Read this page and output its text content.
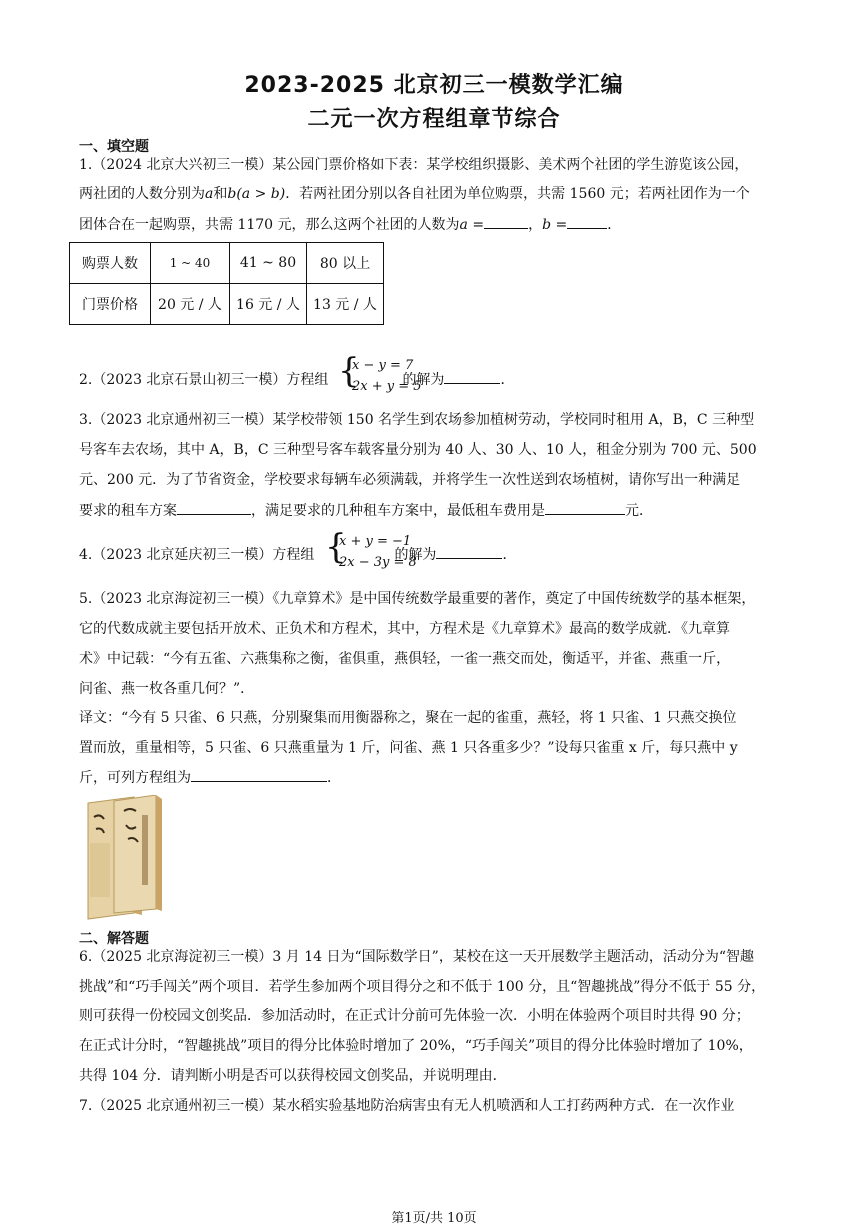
2023-2025 北京初三一模数学汇编
二元一次方程组章节综合
一、填空题
1.（2024 北京大兴初三一模）某公园门票价格如下表：某学校组织摄影、美术两个社团的学生游览该公园，
两社团的人数分别为a和b(a > b)．若两社团分别以各自社团为单位购票，共需 1560 元；若两社团作为一个
团体合在一起购票，共需 1170 元，那么这两个社团的人数为a =	，b =	．
购票人数	1 ~ 40	41 ~ 80	80 以上
门票价格	20 元 / 人	16 元 / 人	13 元 / 人
2.（2023 北京石景山初三一模）方程组	的解为	．
{
x − y = 7
2x + y = 5
3.（2023 北京通州初三一模）某学校带领 150 名学生到农场参加植树劳动，学校同时租用 A，B，C 三种型
号客车去农场，其中 A，B，C 三种型号客车载客量分别为 40 人、30 人、10 人，租金分别为 700 元、500
元、200 元．为了节省资金，学校要求每辆车必须满载，并将学生一次性送到农场植树，请你写出一种满足
要求的租车方案	，满足要求的几种租车方案中，最低租车费用是	元．
4.（2023 北京延庆初三一模）方程组	的解为	．
{
x + y = −1
2x − 3y = 8
5.（2023 北京海淀初三一模）《九章算术》是中国传统数学最重要的著作，奠定了中国传统数学的基本框架，
它的代数成就主要包括开放术、正负术和方程术，其中，方程术是《九章算术》最高的数学成就．《九章算
术》中记载：“今有五雀、六燕集称之衡，雀俱重，燕俱轻，一雀一燕交而处，衡适平，并雀、燕重一斤，
问雀、燕一枚各重几何？”．
译文：“今有 5 只雀、6 只燕，分别聚集而用衡器称之，聚在一起的雀重，燕轻，将 1 只雀、1 只燕交换位
置而放，重量相等，5 只雀、6 只燕重量为 1 斤，问雀、燕 1 只各重多少？”设每只雀重 x 斤，每只燕中 y
斤，可列方程组为	．
二、解答题
6.（2025 北京海淀初三一模）3 月 14 日为“国际数学日”，某校在这一天开展数学主题活动，活动分为“智趣
挑战”和“巧手闯关”两个项目．若学生参加两个项目得分之和不低于 100 分，且“智趣挑战”得分不低于 55 分，
则可获得一份校园文创奖品．参加活动时，在正式计分前可先体验一次．小明在体验两个项目时共得 90 分；
在正式计分时，“智趣挑战”项目的得分比体验时增加了 20%，“巧手闯关”项目的得分比体验时增加了 10%，
共得 104 分．请判断小明是否可以获得校园文创奖品，并说明理由．
7.（2025 北京通州初三一模）某水稻实验基地防治病害虫有无人机喷洒和人工打药两种方式．在一次作业
第1页/共 10页
